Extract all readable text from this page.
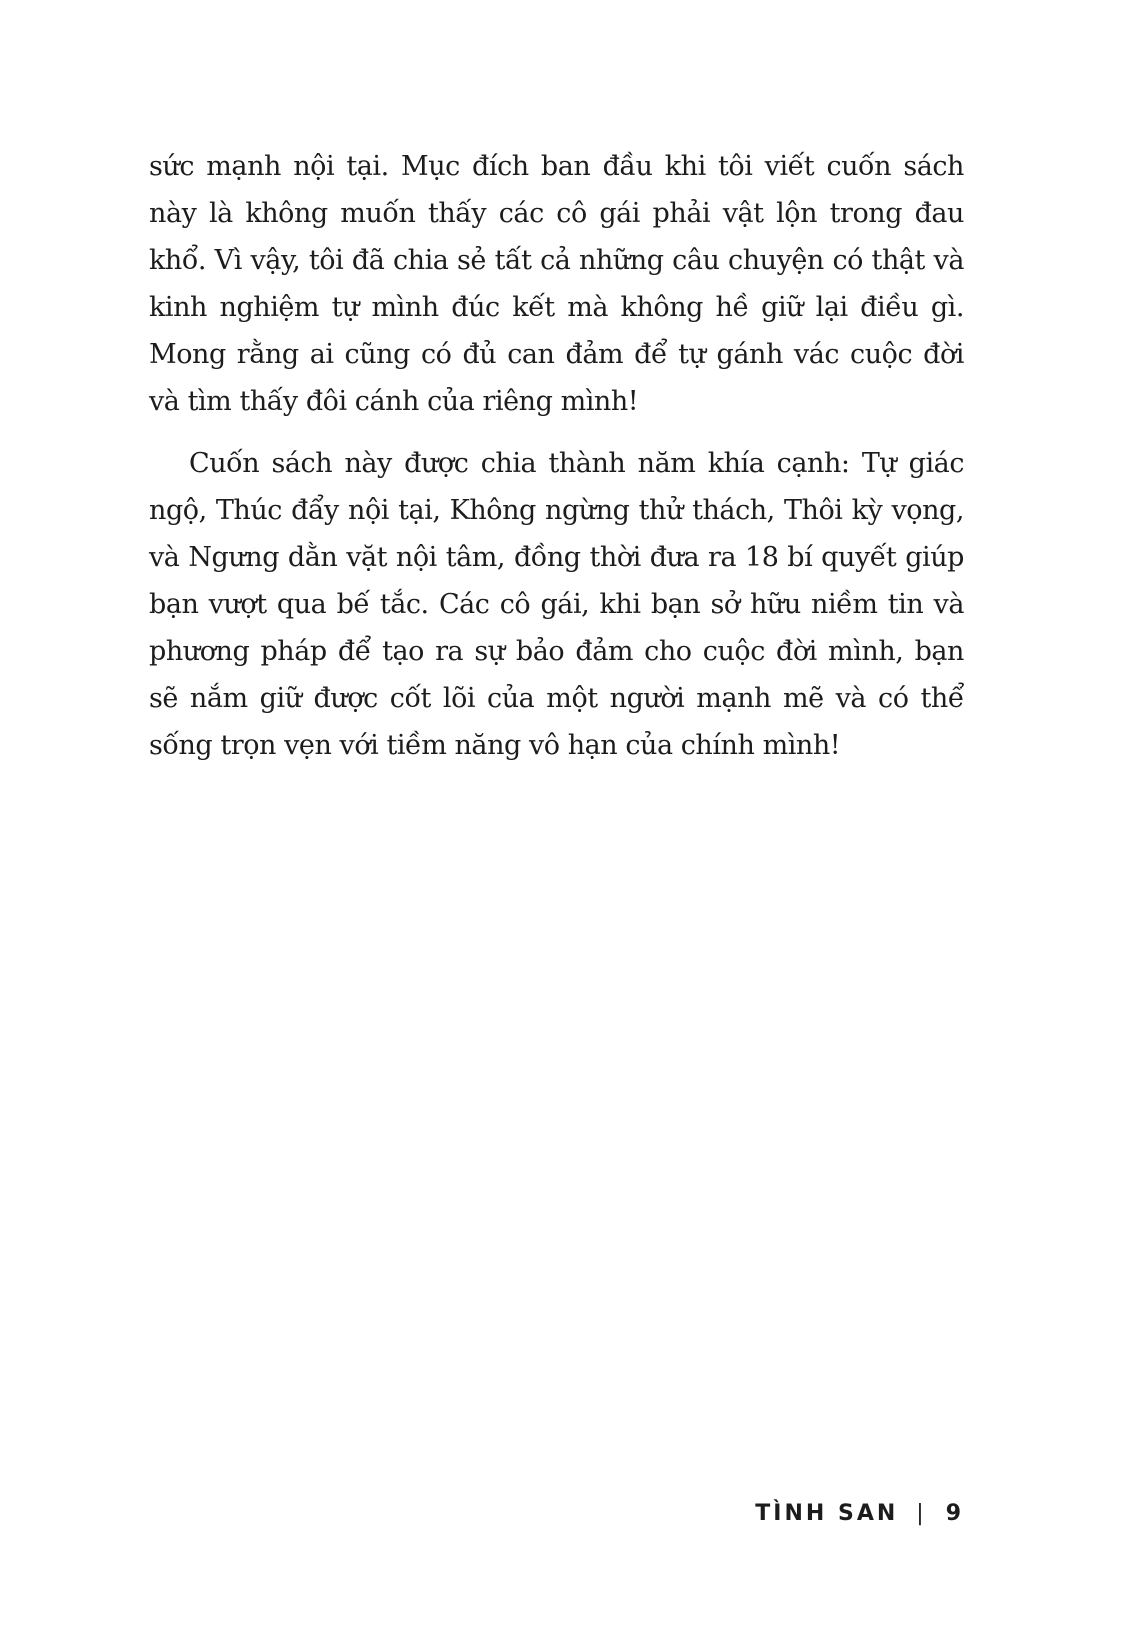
sức mạnh nội tại. Mục đích ban đầu khi tôi viết cuốn sách này là không muốn thấy các cô gái phải vật lộn trong đau khổ. Vì vậy, tôi đã chia sẻ tất cả những câu chuyện có thật và kinh nghiệm tự mình đúc kết mà không hề giữ lại điều gì. Mong rằng ai cũng có đủ can đảm để tự gánh vác cuộc đời và tìm thấy đôi cánh của riêng mình!

Cuốn sách này được chia thành năm khía cạnh: Tự giác ngộ, Thúc đẩy nội tại, Không ngừng thử thách, Thôi kỳ vọng, và Ngưng dằn vặt nội tâm, đồng thời đưa ra 18 bí quyết giúp bạn vượt qua bế tắc. Các cô gái, khi bạn sở hữu niềm tin và phương pháp để tạo ra sự bảo đảm cho cuộc đời mình, bạn sẽ nắm giữ được cốt lõi của một người mạnh mẽ và có thể sống trọn vẹn với tiềm năng vô hạn của chính mình!

TÌNH SAN | 9
